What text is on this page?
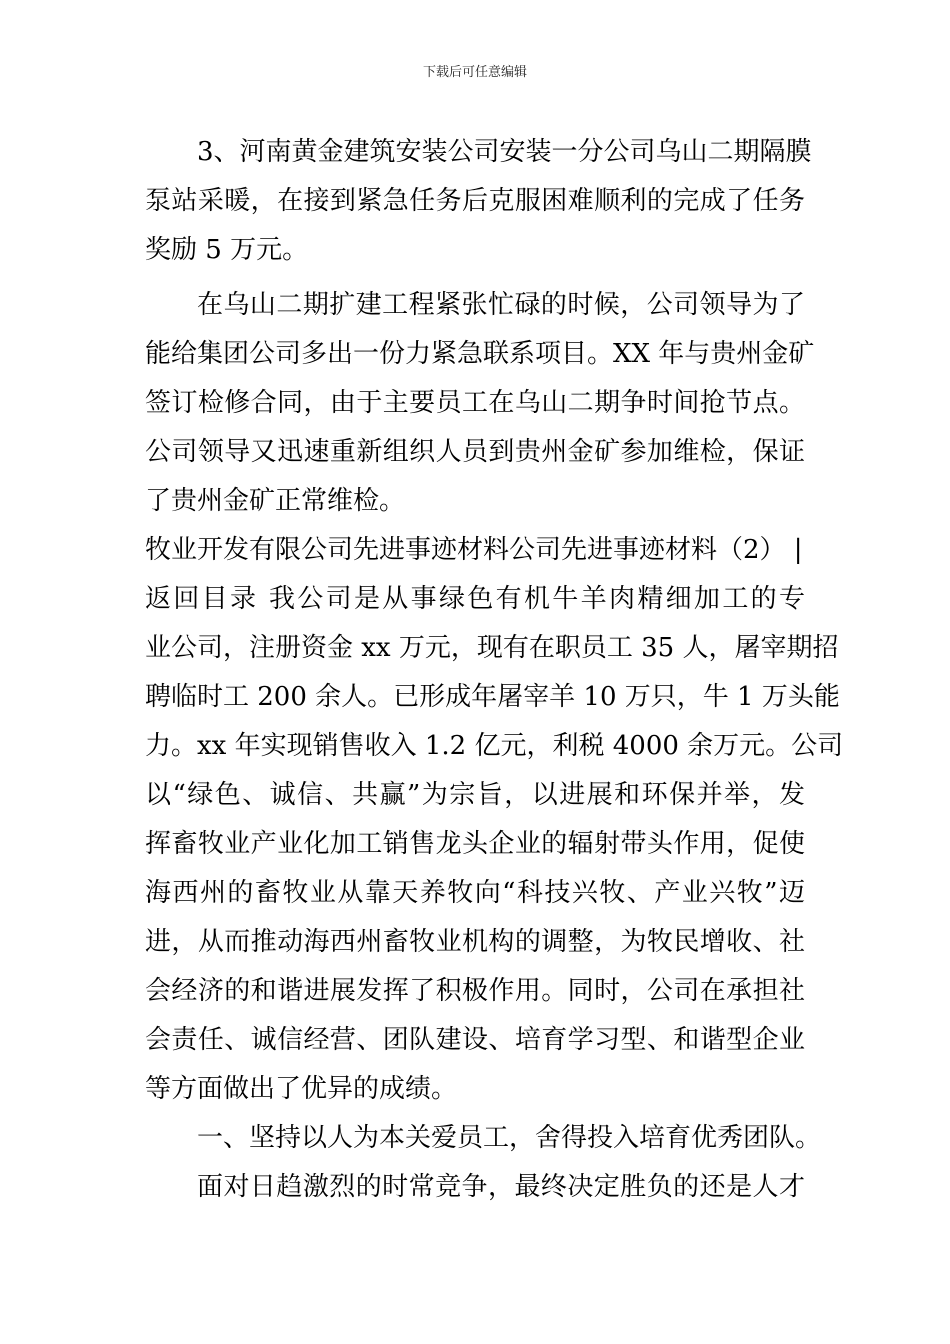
下载后可任意编辑
3、河南黄金建筑安装公司安装一分公司乌山二期隔膜
泵站采暖，在接到紧急任务后克服困难顺利的完成了任务
奖励 5 万元。
在乌山二期扩建工程紧张忙碌的时候，公司领导为了
能给集团公司多出一份力紧急联系项目。XX 年与贵州金矿
签订检修合同，由于主要员工在乌山二期争时间抢节点。
公司领导又迅速重新组织人员到贵州金矿参加维检，保证
了贵州金矿正常维检。
牧业开发有限公司先进事迹材料公司先进事迹材料（2） |
返回目录 我公司是从事绿色有机牛羊肉精细加工的专
业公司，注册资金 xx 万元，现有在职员工 35 人，屠宰期招
聘临时工 200 余人。已形成年屠宰羊 10 万只，牛 1 万头能
力。xx 年实现销售收入 1.2 亿元，利税 4000 余万元。公司
以“绿色、诚信、共赢”为宗旨，以进展和环保并举，发
挥畜牧业产业化加工销售龙头企业的辐射带头作用，促使
海西州的畜牧业从靠天养牧向“科技兴牧、产业兴牧”迈
进，从而推动海西州畜牧业机构的调整，为牧民增收、社
会经济的和谐进展发挥了积极作用。同时，公司在承担社
会责任、诚信经营、团队建设、培育学习型、和谐型企业
等方面做出了优异的成绩。
一、坚持以人为本关爱员工，舍得投入培育优秀团队。
面对日趋激烈的时常竞争，最终决定胜负的还是人才
